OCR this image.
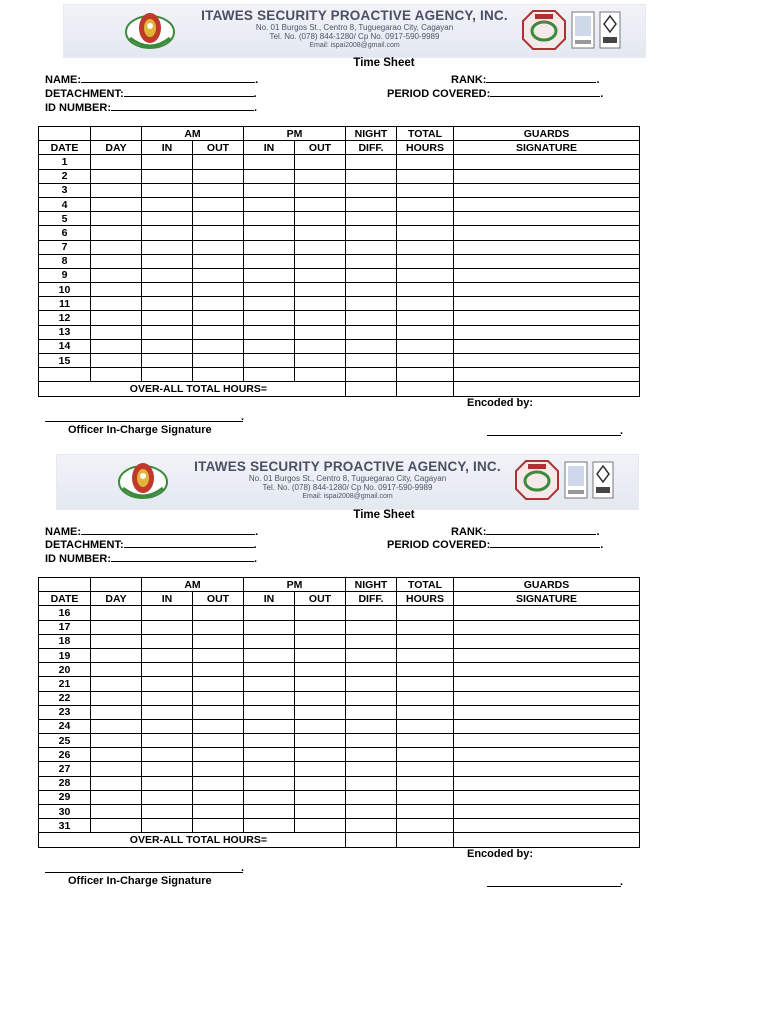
ITAWES SECURITY PROACTIVE AGENCY, INC.
No. 01 Burgos St., Centro 8, Tuguegarao City, Cagayan
Tel. No. (078) 844-1280/ Cp No. 0917-590-9989
Email: ispai2008@gmail.com
Time Sheet
NAME:	.
DETACHMENT:	.
ID NUMBER:	.
RANK:	.
PERIOD COVERED:	.
		AM		PM		NIGHT	TOTAL	GUARDS
DATE	DAY	IN	OUT	IN	OUT	DIFF.	HOURS	SIGNATURE
1								
2								
3								
4								
5								
6								
7								
8								
9								
10								
11								
12								
13								
14								
15								

OVER-ALL TOTAL HOURS=								
Encoded by:
.
Officer In-Charge Signature	.
ITAWES SECURITY PROACTIVE AGENCY, INC.
No. 01 Burgos St., Centro 8, Tuguegarao City, Cagayan
Tel. No. (078) 844-1280/ Cp No. 0917-590-9989
Email: ispai2008@gmail.com
Time Sheet
NAME:	.
DETACHMENT:	.
ID NUMBER:	.
RANK:	.
PERIOD COVERED:	.
		AM		PM		NIGHT	TOTAL	GUARDS
DATE	DAY	IN	OUT	IN	OUT	DIFF.	HOURS	SIGNATURE
16								
17								
18								
19								
20								
21								
22								
23								
24								
25								
26								
27								
28								
29								
30								
31								
OVER-ALL TOTAL HOURS=								
Encoded by:
.
Officer In-Charge Signature	.
